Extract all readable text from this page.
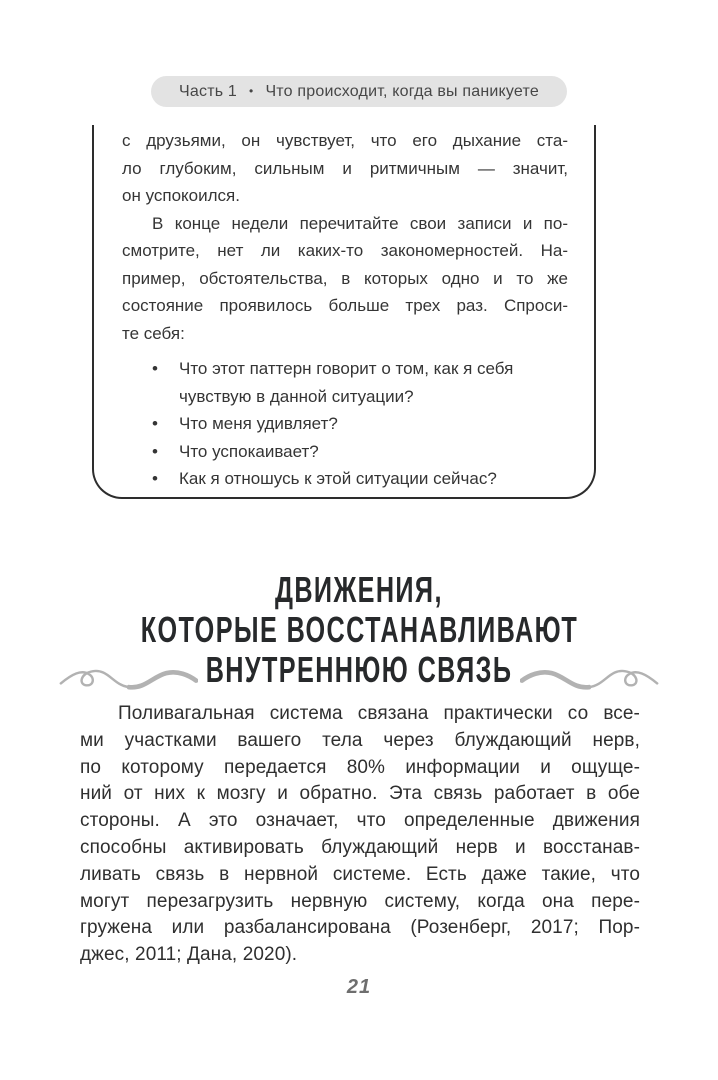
Часть 1 • Что происходит, когда вы паникуете
с друзьями, он чувствует, что его дыхание ста-
ло глубоким, сильным и ритмичным — значит,
он успокоился.
В конце недели перечитайте свои записи и по-
смотрите, нет ли каких-то закономерностей. На-
пример, обстоятельства, в которых одно и то же
состояние проявилось больше трех раз. Спроси-
те себя:
•	Что этот паттерн говорит о том, как я себя чувствую в данной ситуации?
•	Что меня удивляет?
•	Что успокаивает?
•	Как я отношусь к этой ситуации сейчас?
ДВИЖЕНИЯ,
КОТОРЫЕ ВОССТАНАВЛИВАЮТ
ВНУТРЕННЮЮ СВЯЗЬ
Поливагальная система связана практически со все-
ми участками вашего тела через блуждающий нерв,
по которому передается 80% информации и ощуще-
ний от них к мозгу и обратно. Эта связь работает в обе
стороны. А это означает, что определенные движения
способны активировать блуждающий нерв и восстанав-
ливать связь в нервной системе. Есть даже такие, что
могут перезагрузить нервную систему, когда она пере-
гружена или разбалансирована (Розенберг, 2017; Пор-
джес, 2011; Дана, 2020).
21
